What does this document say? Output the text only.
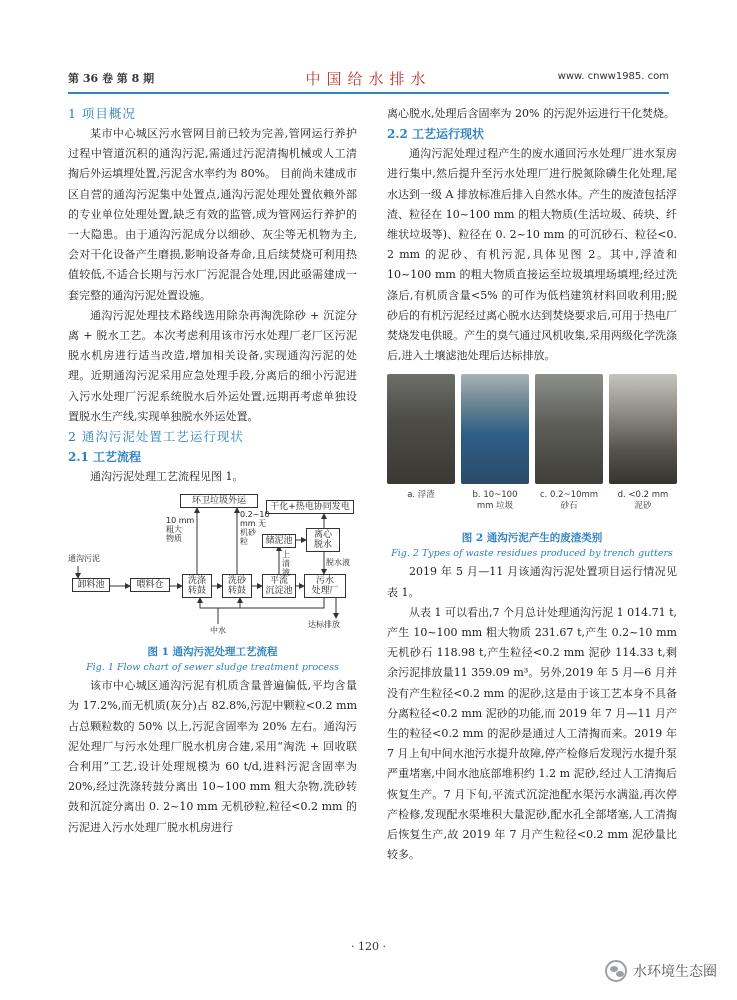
第 36 卷 第 8 期	中国给水排水	www. cnww1985. com
1 项目概况

某市中心城区污水管网目前已较为完善,管网运行养护过程中管道沉积的通沟污泥,需通过污泥清掏机械或人工清掏后外运填埋处置,污泥含水率约为 80%。 目前尚未建成市区自营的通沟污泥集中处置点,通沟污泥处理处置依赖外部的专业单位处理处置,缺乏有效的监管,成为管网运行养护的一大隐患。由于通沟污泥成分以细砂、灰尘等无机物为主,会对干化设备产生磨损,影响设备寿命,且后续焚烧可利用热值较低,不适合长期与污水厂污泥混合处理,因此亟需建成一套完整的通沟污泥处置设施。

通沟污泥处理技术路线选用除杂再淘洗除砂 + 沉淀分离 + 脱水工艺。本次考虑利用该市污水处理厂老厂区污泥脱水机房进行适当改造,增加相关设备,实现通沟污泥的处理。近期通沟污泥采用应急处理手段,分离后的细小污泥进入污水处理厂污泥系统脱水后外运处置,远期再考虑单独设置脱水生产线,实现单独脱水外运处置。

2 通沟污泥处置工艺运行现状
2.1 工艺流程

通沟污泥处理工艺流程见图 1。

环卫垃圾外运
干化+热电协同发电
储泥池
离心
脱水
卸料池	喂料仓	洗涤
转鼓
洗砂
转鼓
平流
沉淀池
污水
处理厂
通沟污泥
10 mm
粗大
物质
0.2~10
mm 无
机砂
粒
上
清
液
脱水液
中水
达标排放
图 1 通沟污泥处理工艺流程
Fig. 1 Flow chart of sewer sludge treatment process

该市中心城区通沟污泥有机质含量普遍偏低,平均含量为 17.2%,而无机质(灰分)占 82.8%,污泥中颗粒<0.2 mm 占总颗粒数的 50% 以上,污泥含固率为 20% 左右。通沟污泥处理厂与污水处理厂脱水机房合建,采用“淘洗 + 回收联合利用”工艺,设计处理规模为 60 t/d,进料污泥含固率为 20%,经过洗涤转鼓分离出 10~100 mm 粗大杂物,洗砂转鼓和沉淀分离出 0. 2~10 mm 无机砂粒,粒径<0.2 mm 的污泥进入污水处理厂脱水机房进行

离心脱水,处理后含固率为 20% 的污泥外运进行干化焚烧。

2.2 工艺运行现状

通沟污泥处理过程产生的废水通回污水处理厂进水泵房进行集中,然后提升至污水处理厂进行脱氮除磷生化处理,尾水达到一级 A 排放标准后排入自然水体。产生的废渣包括浮渣、粒径在 10~100 mm 的粗大物质(生活垃圾、砖块、纤维状垃圾等)、粒径在 0. 2~10 mm 的可沉砂石、粒径<0. 2 mm 的泥砂、有机污泥,具体见图 2。其中,浮渣和 10~100 mm 的粗大物质直接运至垃圾填埋场填埋;经过洗涤后,有机质含量<5% 的可作为低档建筑材料回收利用;脱砂后的有机污泥经过离心脱水达到焚烧要求后,可用于热电厂焚烧发电供暖。产生的臭气通过风机收集,采用两级化学洗涤后,进入土壤滤池处理后达标排放。

a. 浮渣	b. 10~100
mm 垃圾
c. 0.2~10mm
砂石
d. <0.2 mm
泥砂
图 2 通沟污泥产生的废渣类别
Fig. 2 Types of waste residues produced by trench gutters

2019 年 5 月—11 月该通沟污泥处置项目运行情况见表 1。

从表 1 可以看出,7 个月总计处理通沟污泥 1 014.71 t,产生 10~100 mm 粗大物质 231.67 t,产生 0.2~10 mm 无机砂石 118.98 t,产生粒径<0.2 mm 泥砂 114.33 t,剩余污泥排放量11 359.09 m³。另外,2019 年 5 月—6 月并没有产生粒径<0.2 mm 的泥砂,这是由于该工艺本身不具备分离粒径<0.2 mm 泥砂的功能,而 2019 年 7 月—11 月产生的粒径<0.2 mm 的泥砂是通过人工清掏而来。2019 年 7 月上旬中间水池污水提升故障,停产检修后发现污水提升泵严重堵塞,中间水池底部堆积约 1.2 m 泥砂,经过人工清掏后恢复生产。7 月下旬,平流式沉淀池配水渠污水满溢,再次停产检修,发现配水渠堆积大量泥砂,配水孔全部堵塞,人工清掏后恢复生产,故 2019 年 7 月产生粒径<0.2 mm 泥砂量比较多。

· 120 ·
水环境生态圈
